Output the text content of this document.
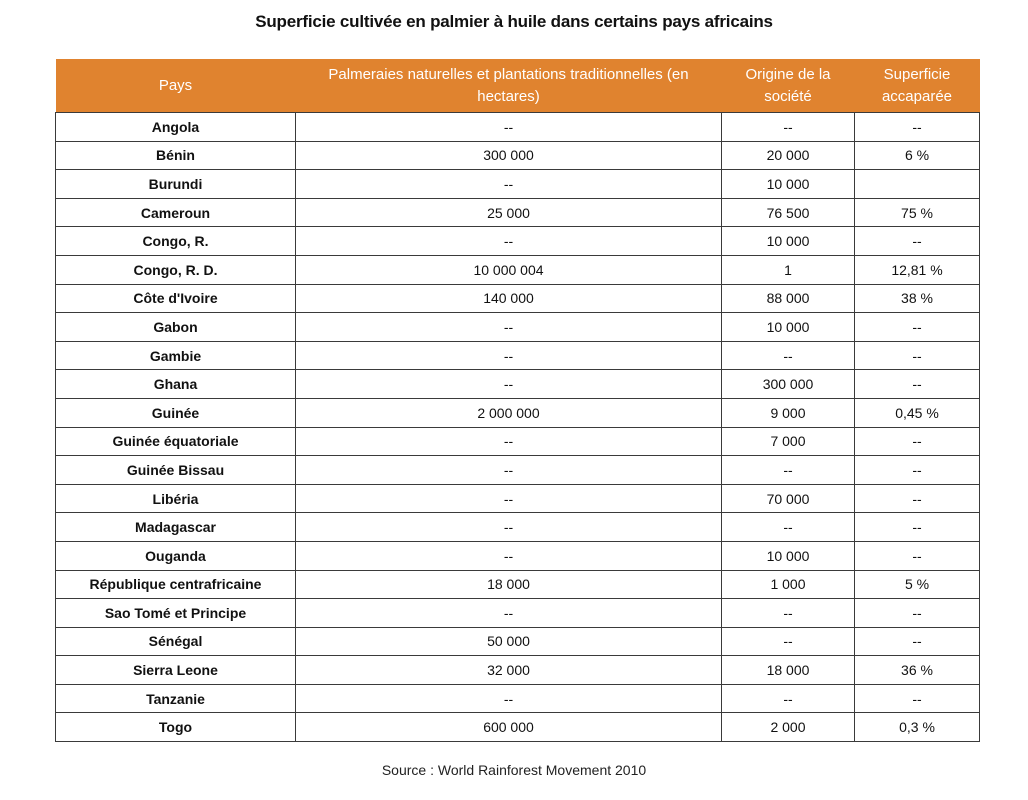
Superficie cultivée en palmier à huile dans certains pays africains
Pays	Palmeraies naturelles et plantations traditionnelles (en hectares)	Origine de la société	Superficie accaparée
Angola	--	--	--
Bénin	300 000	20 000	6 %
Burundi	--	10 000	
Cameroun	25 000	76 500	75 %
Congo, R.	--	10 000	--
Congo, R. D.	10 000 004	1	12,81 %
Côte d'Ivoire	140 000	88 000	38 %
Gabon	--	10 000	--
Gambie	--	--	--
Ghana	--	300 000	--
Guinée	2 000 000	9 000	0,45 %
Guinée équatoriale	--	7 000	--
Guinée Bissau	--	--	--
Libéria	--	70 000	--
Madagascar	--	--	--
Ouganda	--	10 000	--
République centrafricaine	18 000	1 000	5 %
Sao Tomé et Principe	--	--	--
Sénégal	50 000	--	--
Sierra Leone	32 000	18 000	36 %
Tanzanie	--	--	--
Togo	600 000	2 000	0,3 %
Source : World Rainforest Movement 2010
